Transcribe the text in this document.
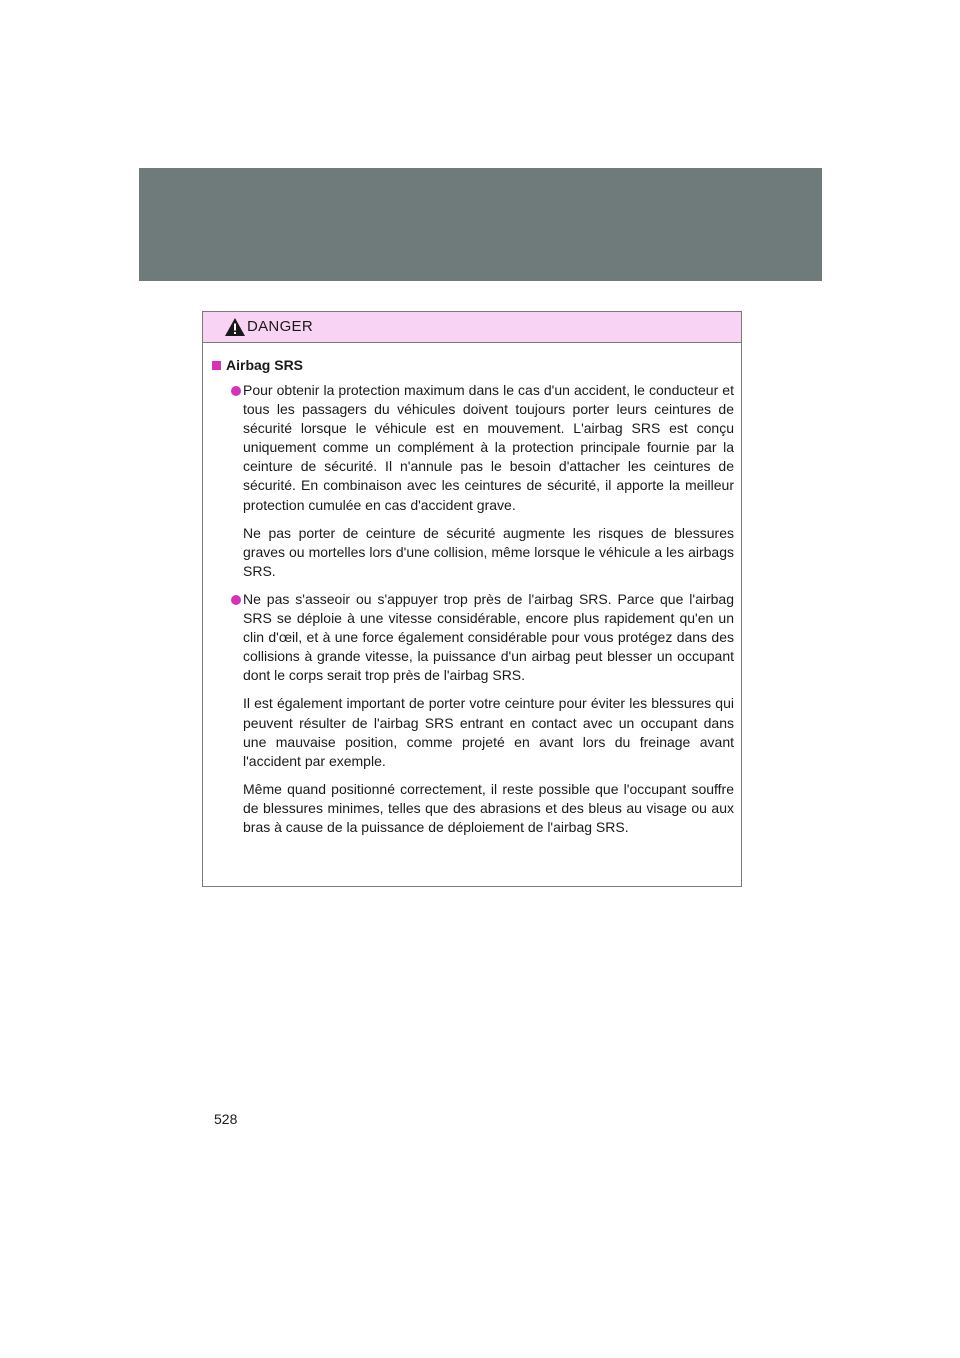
DANGER
Airbag SRS

Pour obtenir la protection maximum dans le cas d'un accident, le conducteur et tous les passagers du véhicules doivent toujours porter leurs ceintures de sécurité lorsque le véhicule est en mouvement. L'airbag SRS est conçu uniquement comme un complément à la protection principale fournie par la ceinture de sécurité. Il n'annule pas le besoin d'attacher les ceintures de sécurité. En combinaison avec les ceintures de sécurité, il apporte la meilleur protection cumulée en cas d'accident grave.

Ne pas porter de ceinture de sécurité augmente les risques de blessures graves ou mortelles lors d'une collision, même lorsque le véhicule a les airbags SRS.

Ne pas s'asseoir ou s'appuyer trop près de l'airbag SRS. Parce que l'airbag SRS se déploie à une vitesse considérable, encore plus rapidement qu'en un clin d'œil, et à une force également considérable pour vous protégez dans des collisions à grande vitesse, la puissance d'un airbag peut blesser un occupant dont le corps serait trop près de l'airbag SRS.

Il est également important de porter votre ceinture pour éviter les blessures qui peuvent résulter de l'airbag SRS entrant en contact avec un occupant dans une mauvaise position, comme projeté en avant lors du freinage avant l'accident par exemple.

Même quand positionné correctement, il reste possible que l'occupant souffre de blessures minimes, telles que des abrasions et des bleus au visage ou aux bras à cause de la puissance de déploiement de l'airbag SRS.

528
